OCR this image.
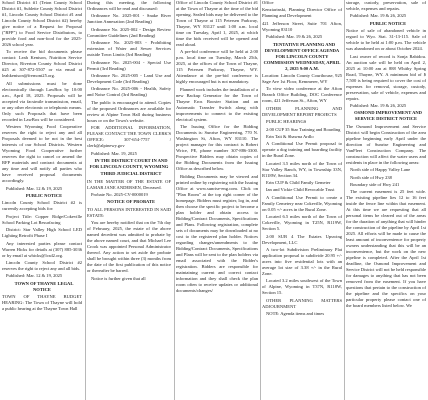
School District #1 (Teton County School District #1, Sublette County School District #1, Lincoln County School District #1 and Lincoln County School District #2) hereby give notice of a Request for Proposal ("RFP") to Food Service Distributors, to provide food and non-food for the 2025-2026 school year.

To receive the bid documents please contact: Leah Kenison, Nutrition Service Director, Riverton County School District #25 at 307-872-5507 or via email at leahkenison@fremont25.org.

All submissions must be done electronically through LawBox by 10:00 a.m., April 18, 2025. Proposals will be accepted via facsimile transmission, email, or any other electronic or telephonic means. Only such Proposals that have been recorded in LawBox will be considered.

Western Wyoming Food Cooperative reserves the right to reject any and all Proposals deemed to be not in the best interests of our School Districts. Western Wyoming Food Cooperative further reserves the right to cancel or amend the RFP materials and contract documents at any time and will notify all parties who have received proposal documents accordingly.

Published: Mar. 12 & 19, 2025

PUBLIC NOTICE

Lincoln County School District #2 is currently accepting bids for:

Project Title: Copper Ridge/Cokeville School Parking Lot Resurfacing

District: Star Valley High School LED Lighting Retrofit Phase I

Any interested parties please contact Warren Hicks for details at (307) 885-3036 or by email at whicks@lcsd2.org.

Lincoln County School District #2 reserves the right to reject any and all bids.

Published: Mar. 12 & 19, 2025

TOWN OF THAYNE LEGAL NOTICE

TOWN OF THAYNE BUDGET HEARING: The Town of Thayne will hold a public hearing at the Thayne Town Hall

During this meeting, the following Ordinances will be read and discussed:

Ordinance No. 2025-001 - Snake River Junction Annexation (2nd Reading)

Ordinance No. 2025-002 - Design Review Committee Guidelines (2nd Reading)

Ordinance No. 2025-003 - Prohibiting extension of Water and Sewer Services outside Town Limits (3rd Reading)

Ordinance No. 2025-004 - Special Use Permit (3rd Reading)

Ordinance No. 2025-005 - Land Use and Development Code (3rd Reading)

Ordinance No. 2025-006 - Health, Safety and Noise Control (3rd Reading)

The public is encouraged to attend. Copies of the proposed Ordinances are available for review at Alpine Town Hall during business hours or on the Town's website.

FOR ADDITIONAL INFORMATION, PLEASE CONTACT THE TOWN CLERK'S OFFICE: 307-654-7757 / clerk@alpinewy.gov

Published: Mar. 19, 2025

IN THE DISTRICT COURT IN AND FOR LINCOLN COUNTY, WYOMING

THIRD JUDICIAL DISTRICT

IN THE MATTER OF THE ESTATE OF LAMAR JANE ANDERSEN, Deceased.

Probate No. 2025-CV-0000019

NOTICE OF PROBATE

TO ALL PERSONS INTERESTED IN SAID ESTATE:

You are hereby notified that on the 7th day of February, 2025, the estate of the above named decedent was admitted to probate by the above named court, and that Michael Lee Crook was appointed Personal Administrator thereof. Any action to set aside the probate shall be brought within three (3) months from the date of the first publication of this notice or thereafter be barred.

Notice is further given that all

Office of Lincoln County School District #1 at the Town of Thayne at the time of the bid opening. Sealed bids may be delivered to the Town of Thayne at 115 Petersen Parkway, Thayne, WY 83127 until 1:00 a.m. local time on Tuesday, April 1, 2025, at which time the bids received will be opened and read aloud.

A pre-bid conference will be held at 2:00 p.m. local time on Tuesday, March 25th, 2025, at the offices of the Town of Thayne, 115 Petersen Parkway, Thayne, WY. Attendance at the pre-bid conference is highly encouraged but is not mandatory.

Planned work includes the installation of a new Backup Generator for the Town of Thayne Eros Booster Station and an Automatic Transfer Switch along with improvements to connect to the existing electrical system.

The Issuing Office for the Bidding Documents is: Sunrise Engineering, 770 N. Washington St, Afton, WY 83110. The project manager for this contract is Robert Wrice, PE, phone number 307-886-3300. Prospective Bidders may obtain copies of the Bidding Documents from the Issuing Office as described below.

Bidding Documents may be viewed and printed online by registering with the Issuing Office at www.sunrise-eng.com. Click on "Plan Room" at the top right corner of the homepage. Bidders must register, log in, and then choose the specific project to become a plan holder and obtain access to Bidding/Contract Documents, Specifications and Plans. Following registration, complete sets of documents may be downloaded at no cost to the registered plan holder. Notices regarding changes/amendments to the Bidding/Contract Documents, Specifications and Plans will be sent to the plan holders via email associated with the Bidder's registration. Bidders are responsible for maintaining current and correct contact information and they shall check the plan room often to receive updates or additional documents/changes/

Office

Kenziarinski, Planning Director Office of Planning and Development

421 Jefferson Street, Suite 701 Afton, Wyoming 83110

Published: Mar. 19 & 26, 2025

TENTATIVE PLANNING AND DEVELOPMENT OFFICE AGENDA FOR LINCOLN COUNTY COMMISSION WEDNESDAY, APRIL 2, 2025 9:00 A.M.

Location: Lincoln County Courthouse, 925 Sage Ave 1st Floor, Kemmerer, WY

To view video conference at the Afton Branch Office Building, DOC Conference room, 421 Jefferson St., Afton, WY

OTHER PLANNING AND DEVELOPMENT REPORT PROJECTS

PUBLIC HEARINGS

2:00 CUP 35 Star Training and Boarding

Erin Tait & Shawna Ardlo

A Conditional Use Permit proposal to operate a dog training and boarding facility in the Rural Zone.

Located 3.5 miles north of the Town of Star Valley Ranch, WY, in Township 33N, R118W, Section 34.

Erin CUP & Child Family Gemeter

Ian and Vickie Child Revocable Trust

A Conditional Use Permit to create a Family Cemetery near Cokeville, Wyoming on 0.05 +/- acres in the Rural Zone.

Located 6.5 miles north of the Town of Cokeville, Wyoming in T25N, R119W, Section 5.

2:00 SUB 4 The Estates Upswing Development, LLC

A two-lot Subdivision Preliminary Plat application proposal to subdivide 20.95 +/- acres into five residential lots with an average lot size of 3.38 +/- in the Rural Zone.

Located 3.2 miles southwest of the Town of Alpine, Wyoming in T37N, R118W, Section 15.

OTHER PLANNING MATTERS ADJOURNMENT

NOTE: Agenda items and times

storage, custody, preservation, sale of vehicle, expenses and repairs.

Published: Mar. 19 & 26, 2025

PUBLIC NOTICE

Notice of sale of abandoned vehicle in regard to Wyo. Stat. 31-13-115. Sale of vehicle to be held at 1:00 p.m. The vehicle was abandoned on or about October 2024.

Last owner of record is Sonja Rabidou. An auction sale will be held on April 2, 2025 at 10:00 am at 888 Whitby Spring Road, Thayne, WY. A minimum bid of $ 7,500 is being required to cover the cost of expenses for removal, storage, custody, preservation, sale of vehicle, expenses and repairs.

Published: Mar. 19 & 26, 2025

OSMOND IMPROVEMENT AND SERVICE DISTRICT NOTICE

The Osmond Improvement and Service District will begin Construction of the area pipeline beginning early April under the direction of Sunrise Engineering and VanFleet Construction Company. The construction will affect the water users and residents in place in the following areas:

North side of Happy Valley Lane

North side of Hwy 238

Boundary side of Hwy 241

The current easement is 25 feet wide. The existing pipeline lies 12 to 16 feet inside the fence line within that easement. At this time we are requesting that all personal items be cleared out of the areas for the duration of anything that will hinder the construction of the pipeline by April 1st 2025. All efforts will be made to cause the least amount of inconvenience for property owners understanding that this will be an inconvenience, but the work on the new pipeline is completed. After the April 1st deadline, the Osmond Improvement and Service District will not be held responsible for damages to anything that has not been removed from the easement. If you have questions that pertain to the construction of the pipeline and the specifics on your particular property please contact one of the board members listed below. We
